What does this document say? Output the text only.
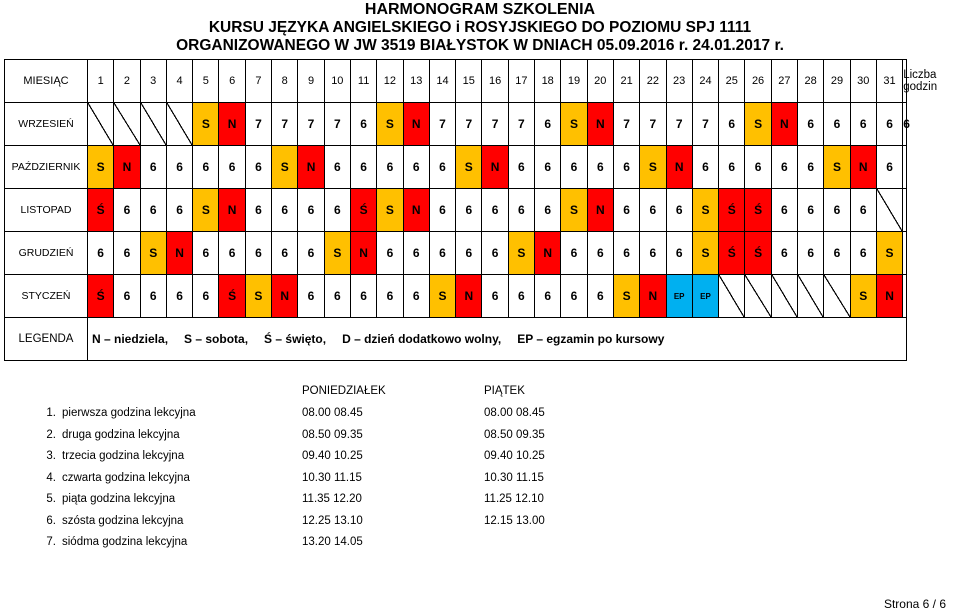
HARMONOGRAM SZKOLENIA
KURSU JĘZYKA ANGIELSKIEGO i ROSYJSKIEGO DO POZIOMU SPJ 1111
ORGANIZOWANEGO W JW 3519 BIAŁYSTOK W DNIACH 05.09.2016 r. 24.01.2017 r.
MIESIĄC	1	2	3	4	5	6	7	8	9	10	11	12	13	14	15	16	17	18	19	20	21	22	23	24	25	26	27	28	29	30	31	Liczba godzin
WRZESIEŃ					S	N	7	7	7	7	6	S	N	7	7	7	7	6	S	N	7	7	7	7	6	S	N	6	6	6	6	6
PAŹDZIERNIK	S	N	6	6	6	6	6	S	N	6	6	6	6	6	S	N	6	6	6	6	6	S	N	6	6	6	6	6	S	N	6	
LISTOPAD	Ś	6	6	6	S	N	6	6	6	6	Ś	S	N	6	6	6	6	6	S	N	6	6	6	S	Ś	Ś	6	6	6	6		
GRUDZIEŃ	6	6	S	N	6	6	6	6	6	S	N	6	6	6	6	6	S	N	6	6	6	6	6	S	Ś	Ś	6	6	6	6	S	
STYCZEŃ	Ś	6	6	6	6	Ś	S	N	6	6	6	6	6	S	N	6	6	6	6	6	S	N	EP	EP						S	N	
LEGENDA	N – niedziela, S – sobota, Ś – święto, D – dzień dodatkowo wolny, EP – egzamin po kursowy																															
PONIEDZIAŁEK	PIĄTEK
1. pierwsza godzina lekcyjna	08.00 08.45	08.00 08.45
2. druga godzina lekcyjna	08.50 09.35	08.50 09.35
3. trzecia godzina lekcyjna	09.40 10.25	09.40 10.25
4. czwarta godzina lekcyjna	10.30 11.15	10.30 11.15
5. piąta godzina lekcyjna	11.35 12.20	11.25 12.10
6. szósta godzina lekcyjna	12.25 13.10	12.15 13.00
7. siódma godzina lekcyjna	13.20 14.05
Strona 6 / 6
